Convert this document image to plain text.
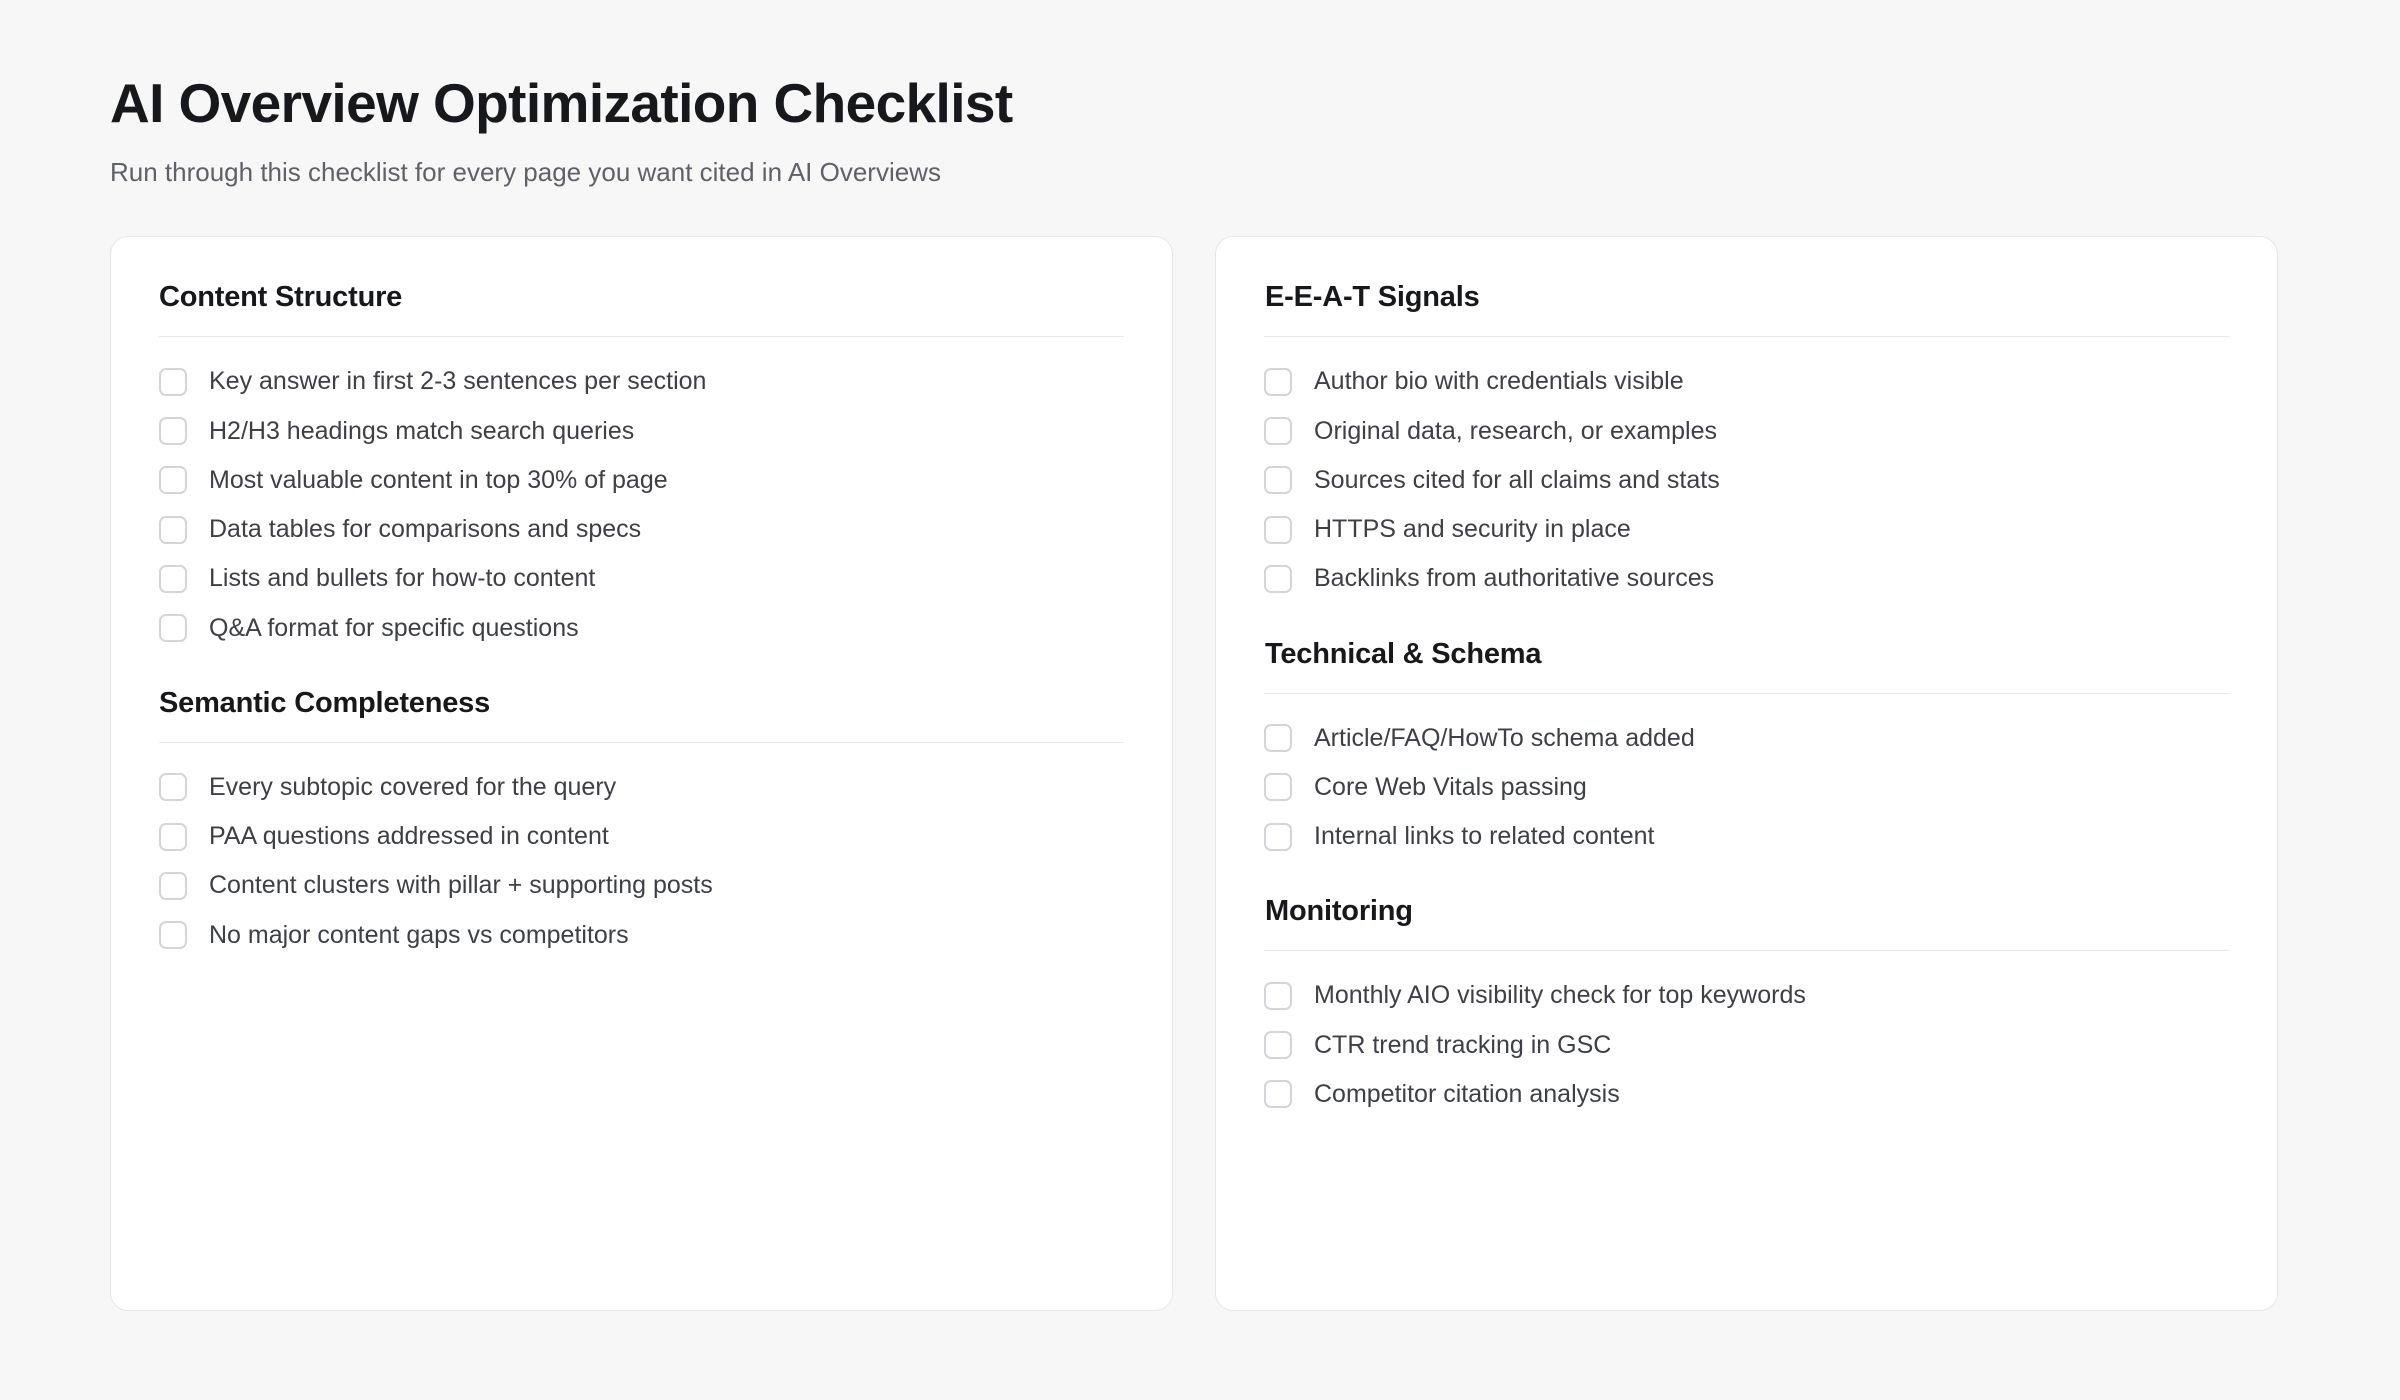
AI Overview Optimization Checklist

Run through this checklist for every page you want cited in AI Overviews

Content Structure
Key answer in first 2-3 sentences per section
H2/H3 headings match search queries
Most valuable content in top 30% of page
Data tables for comparisons and specs
Lists and bullets for how-to content
Q&A format for specific questions
Semantic Completeness
Every subtopic covered for the query
PAA questions addressed in content
Content clusters with pillar + supporting posts
No major content gaps vs competitors
E-E-A-T Signals
Author bio with credentials visible
Original data, research, or examples
Sources cited for all claims and stats
HTTPS and security in place
Backlinks from authoritative sources
Technical & Schema
Article/FAQ/HowTo schema added
Core Web Vitals passing
Internal links to related content
Monitoring
Monthly AIO visibility check for top keywords
CTR trend tracking in GSC
Competitor citation analysis
